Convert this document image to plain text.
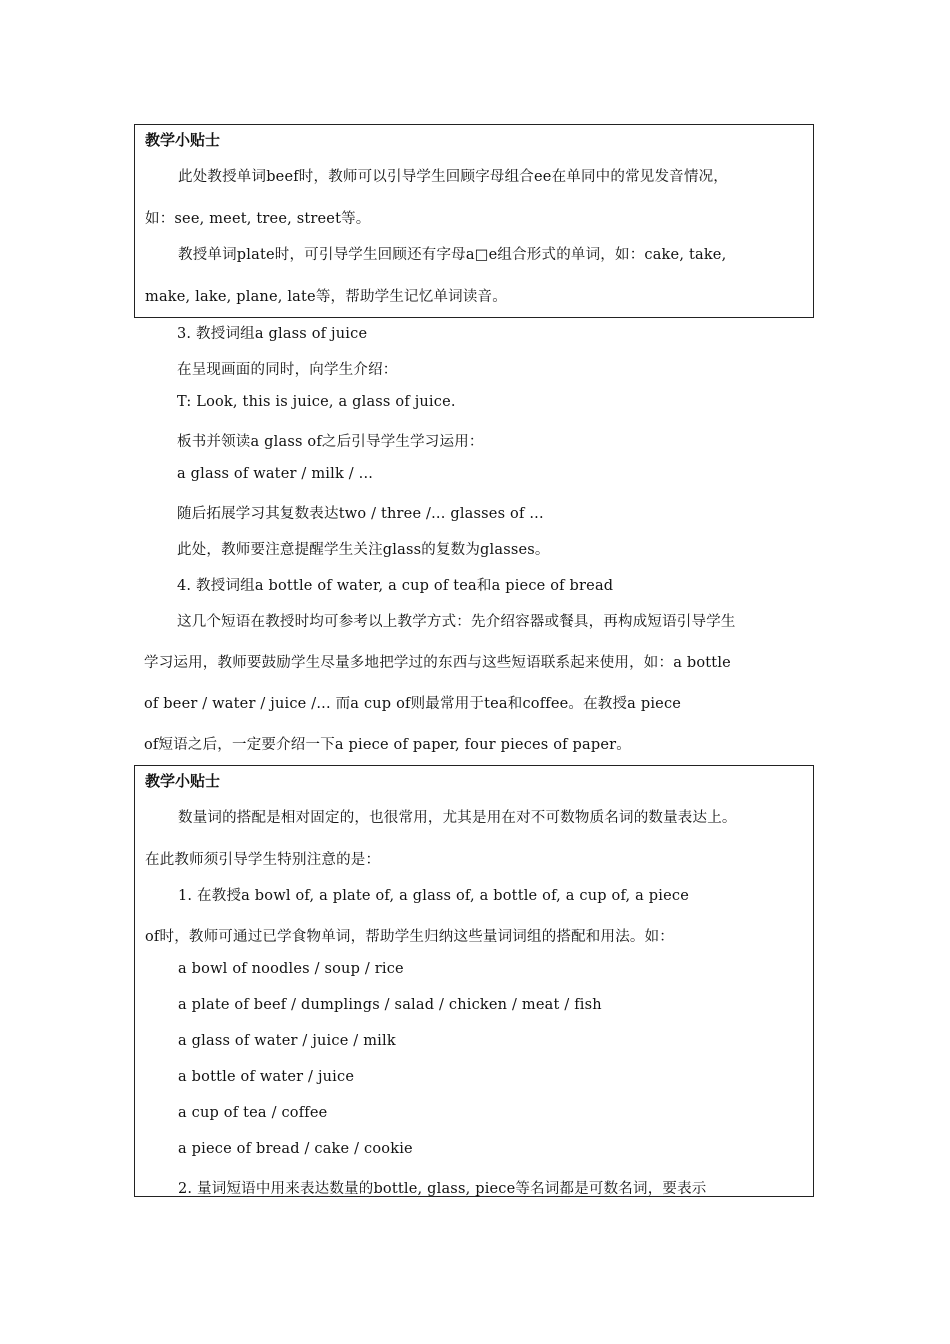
教学小贴士
此处教授单词beef时，教师可以引导学生回顾字母组合ee在单同中的常见发音情况，
如：see, meet, tree, street等。
教授单词plate时，可引导学生回顾还有字母a□e组合形式的单词，如：cake, take,
make, lake, plane, late等，帮助学生记忆单词读音。
3. 教授词组a glass of juice
在呈现画面的同时，向学生介绍：
T: Look, this is juice, a glass of juice.
板书并领读a glass of之后引导学生学习运用：
a glass of water / milk / ...
随后拓展学习其复数表达two / three /... glasses of ...
此处，教师要注意提醒学生关注glass的复数为glasses。
4. 教授词组a bottle of water, a cup of tea和a piece of bread
这几个短语在教授时均可参考以上教学方式：先介绍容器或餐具，再构成短语引导学生
学习运用，教师要鼓励学生尽量多地把学过的东西与这些短语联系起来使用，如：a bottle
of beer / water / juice /... 而a cup of则最常用于tea和coffee。在教授a piece
of短语之后，一定要介绍一下a piece of paper, four pieces of paper。
教学小贴士
数量词的搭配是相对固定的，也很常用，尤其是用在对不可数物质名词的数量表达上。
在此教师须引导学生特别注意的是：
1. 在教授a bowl of, a plate of, a glass of, a bottle of, a cup of, a piece
of时，教师可通过已学食物单词，帮助学生归纳这些量词词组的搭配和用法。如：
a bowl of noodles / soup / rice
a plate of beef / dumplings / salad / chicken / meat / fish
a glass of water / juice / milk
a bottle of water / juice
a cup of tea / coffee
a piece of bread / cake / cookie
2. 量词短语中用来表达数量的bottle, glass, piece等名词都是可数名词，要表示
